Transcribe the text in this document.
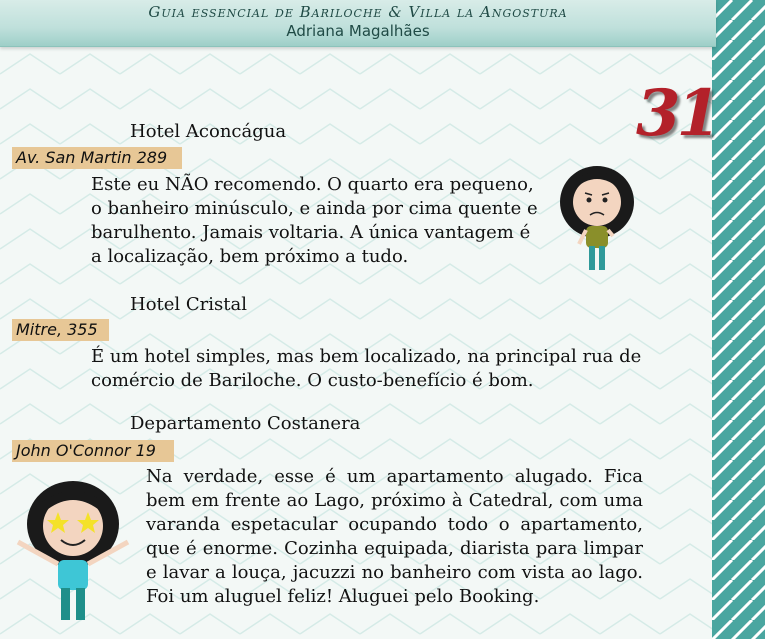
Guia essencial de Bariloche & Villa la Angostura
Adriana Magalhães
31
Hotel Aconcágua
Av. San Martin 289
Este eu NÃO recomendo. O quarto era pequeno, o banheiro minúsculo, e ainda por cima quente e barulhento. Jamais voltaria. A única vantagem é a localização, bem próximo a tudo.
Hotel Cristal
Mitre, 355
É um hotel simples, mas bem localizado, na principal rua de comércio de Bariloche. O custo-benefício é bom.
Departamento Costanera
John O'Connor 19
Na verdade, esse é um apartamento alugado. Fica bem em frente ao Lago, próximo à Catedral, com uma varanda espetacular ocupando todo o apartamento, que é enorme. Cozinha equipada, diarista para limpar e lavar a louça, jacuzzi no banheiro com vista ao lago. Foi um aluguel feliz! Aluguei pelo Booking.
